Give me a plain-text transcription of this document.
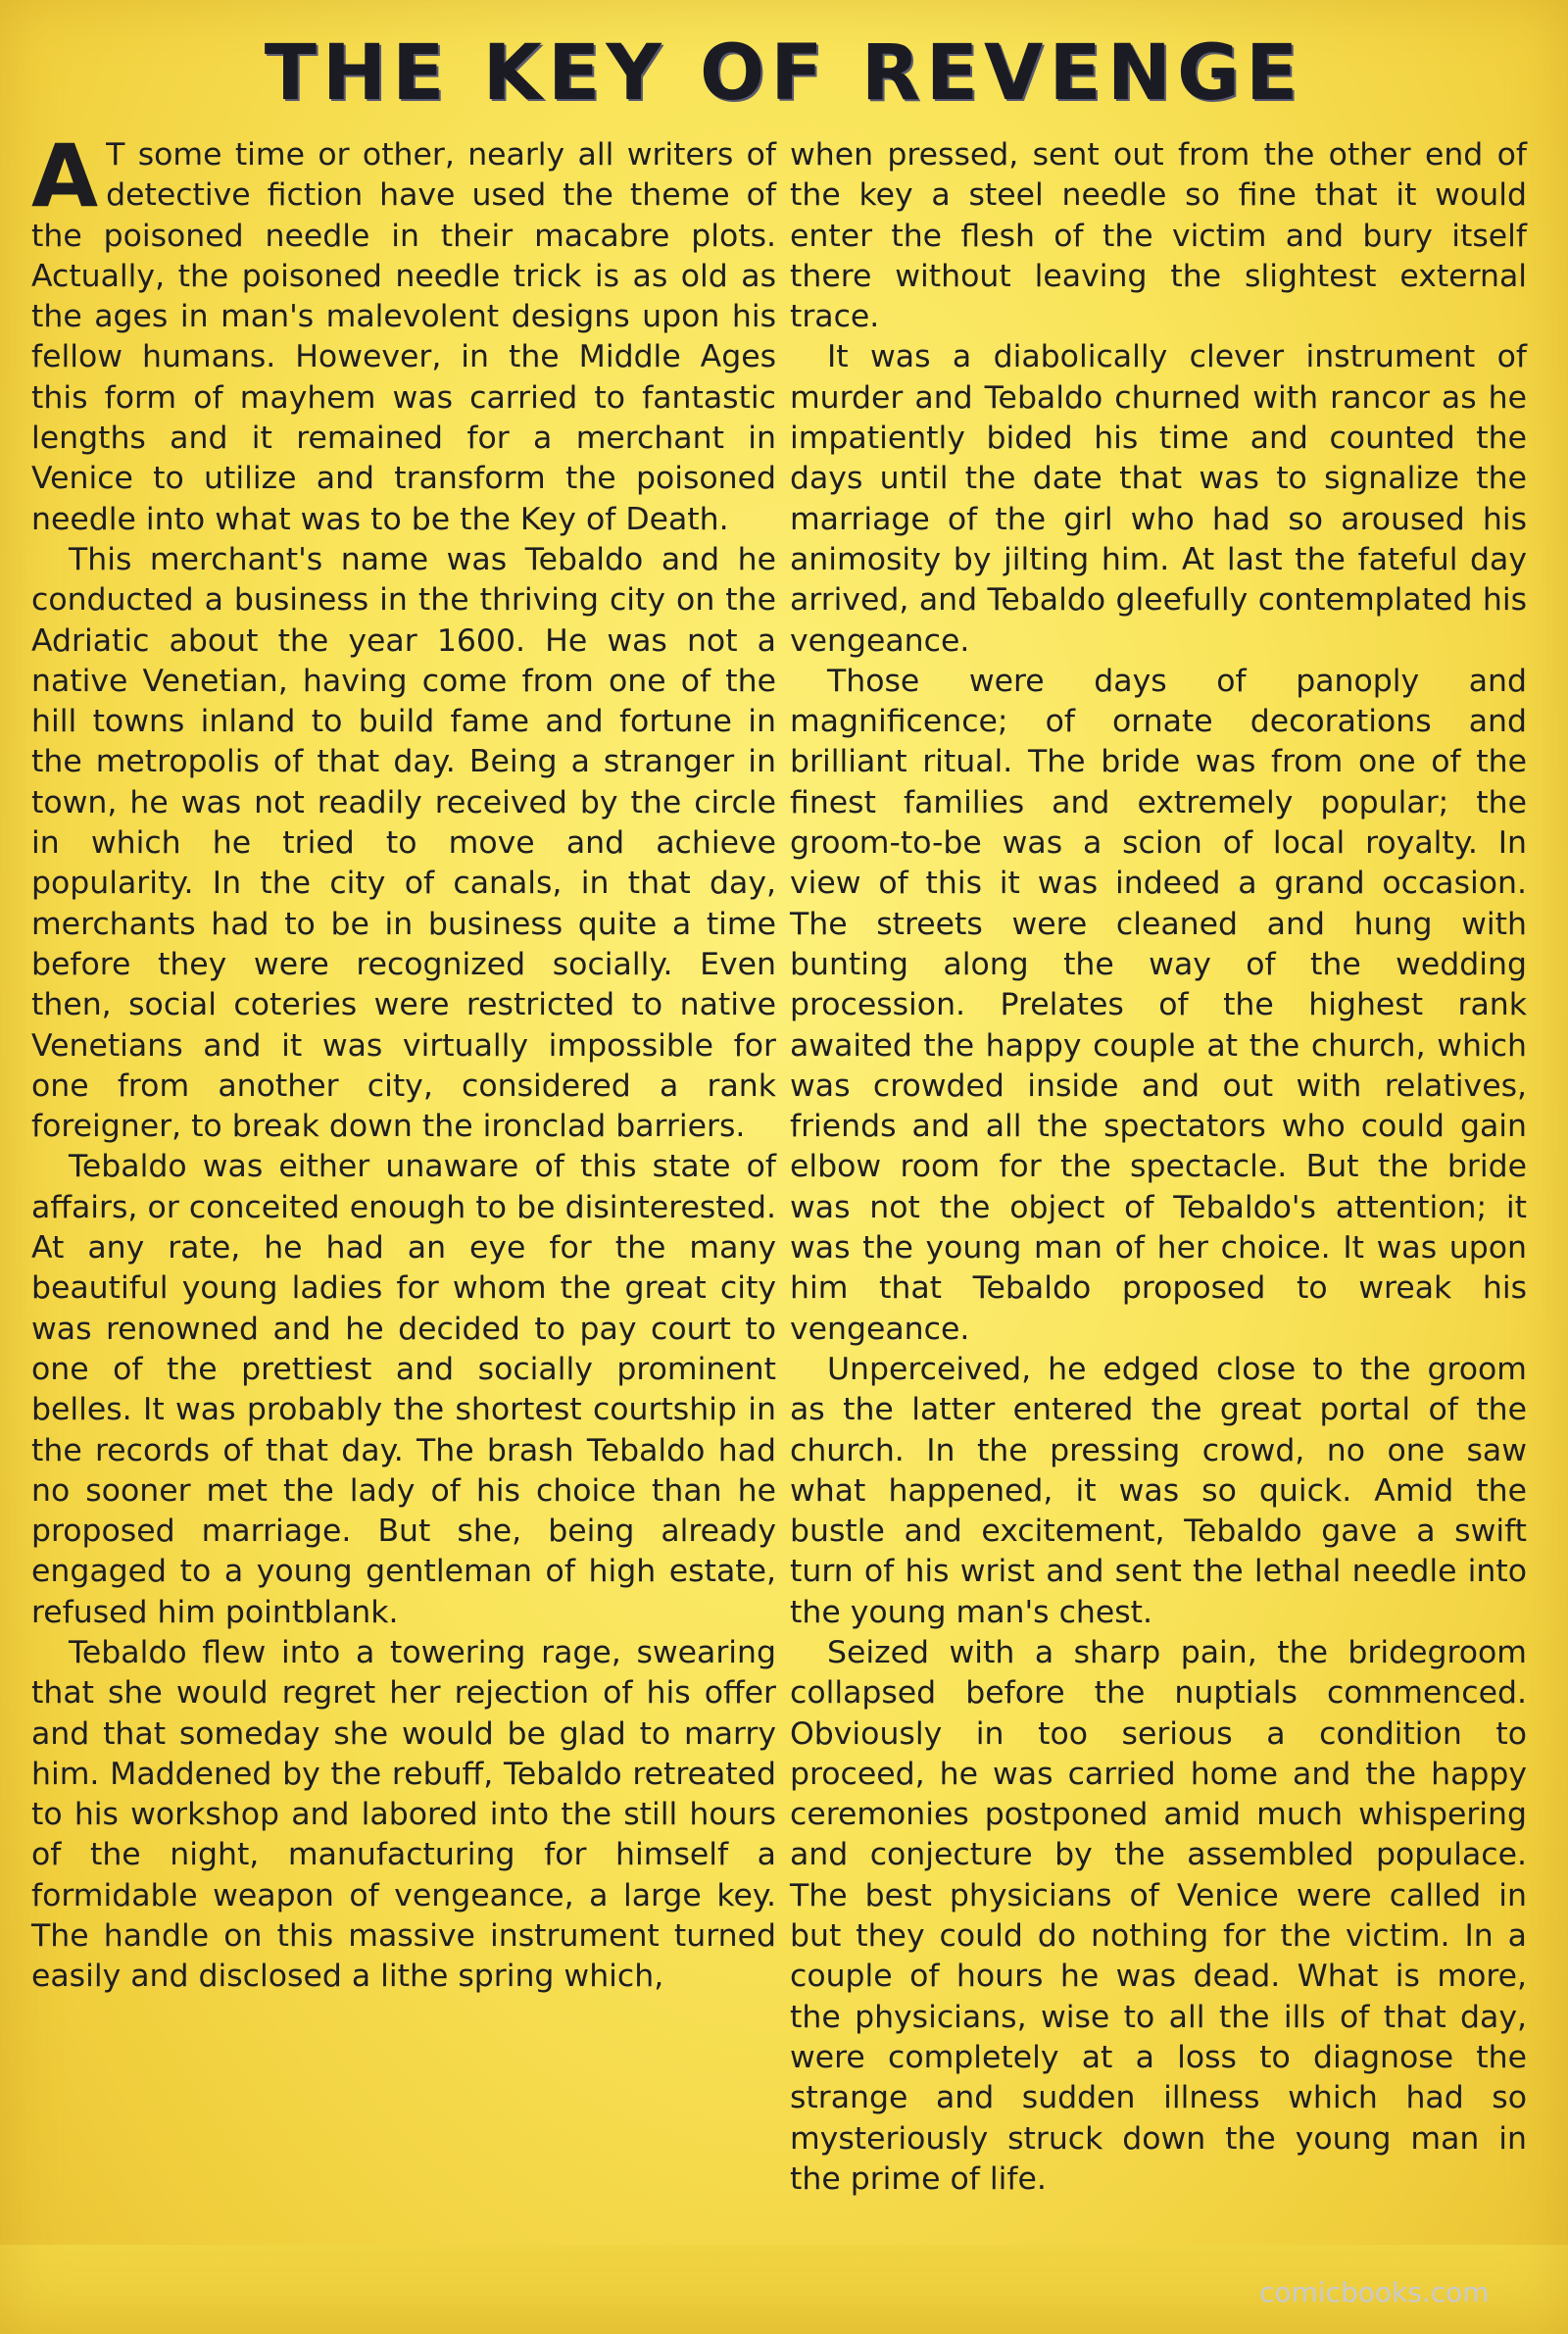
THE KEY OF REVENGE

A T some time or other, nearly all writers of detective fiction have used the theme of the poisoned needle in their macabre plots. Actually, the poisoned needle trick is as old as the ages in man's malevolent designs upon his fellow humans. However, in the Middle Ages this form of mayhem was carried to fantastic lengths and it remained for a merchant in Venice to utilize and transform the poisoned needle into what was to be the Key of Death.

This merchant's name was Tebaldo and he conducted a business in the thriving city on the Adriatic about the year 1600. He was not a native Venetian, having come from one of the hill towns inland to build fame and fortune in the metropolis of that day. Being a stranger in town, he was not readily received by the circle in which he tried to move and achieve popularity. In the city of canals, in that day, merchants had to be in business quite a time before they were recognized socially. Even then, social coteries were restricted to native Venetians and it was virtually impossible for one from another city, considered a rank foreigner, to break down the ironclad barriers.

Tebaldo was either unaware of this state of affairs, or conceited enough to be disinterested. At any rate, he had an eye for the many beautiful young ladies for whom the great city was renowned and he decided to pay court to one of the prettiest and socially prominent belles. It was probably the shortest courtship in the records of that day. The brash Tebaldo had no sooner met the lady of his choice than he proposed marriage. But she, being already engaged to a young gentleman of high estate, refused him pointblank.

Tebaldo flew into a towering rage, swearing that she would regret her rejection of his offer and that someday she would be glad to marry him. Maddened by the rebuff, Tebaldo retreated to his workshop and labored into the still hours of the night, manufacturing for himself a formidable weapon of vengeance, a large key. The handle on this massive instrument turned easily and disclosed a lithe spring which,

when pressed, sent out from the other end of the key a steel needle so fine that it would enter the flesh of the victim and bury itself there without leaving the slightest external trace.

It was a diabolically clever instrument of murder and Tebaldo churned with rancor as he impatiently bided his time and counted the days until the date that was to signalize the marriage of the girl who had so aroused his animosity by jilting him. At last the fateful day arrived, and Tebaldo gleefully contemplated his vengeance.

Those were days of panoply and magnificence; of ornate decorations and brilliant ritual. The bride was from one of the finest families and extremely popular; the groom-to-be was a scion of local royalty. In view of this it was indeed a grand occasion. The streets were cleaned and hung with bunting along the way of the wedding procession. Prelates of the highest rank awaited the happy couple at the church, which was crowded inside and out with relatives, friends and all the spectators who could gain elbow room for the spectacle. But the bride was not the object of Tebaldo's attention; it was the young man of her choice. It was upon him that Tebaldo proposed to wreak his vengeance.

Unperceived, he edged close to the groom as the latter entered the great portal of the church. In the pressing crowd, no one saw what happened, it was so quick. Amid the bustle and excitement, Tebaldo gave a swift turn of his wrist and sent the lethal needle into the young man's chest.

Seized with a sharp pain, the bridegroom collapsed before the nuptials commenced. Obviously in too serious a condition to proceed, he was carried home and the happy ceremonies postponed amid much whispering and conjecture by the assembled populace. The best physicians of Venice were called in but they could do nothing for the victim. In a couple of hours he was dead. What is more, the physicians, wise to all the ills of that day, were completely at a loss to diagnose the strange and sudden illness which had so mysteriously struck down the young man in the prime of life.

comicbooks.com
